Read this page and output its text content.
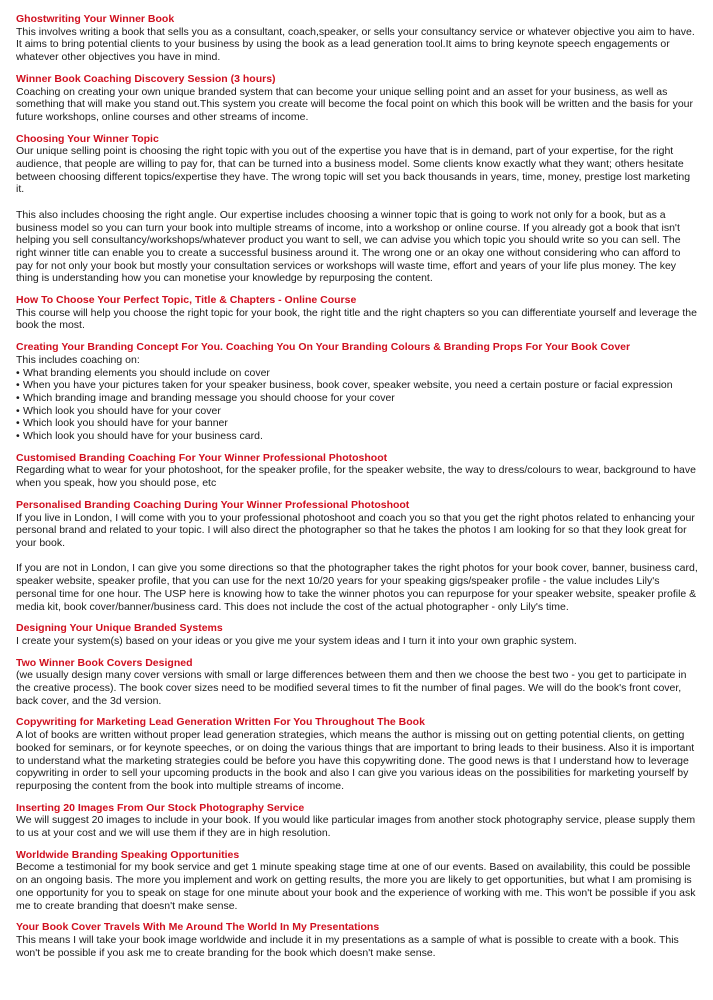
Ghostwriting Your Winner Book

This involves writing a book that sells you as a consultant, coach,speaker, or sells your consultancy service or whatever objective you aim to have. It aims to bring potential clients to your business by using the book as a lead generation tool.It aims to bring keynote speech engagements or whatever other objectives you have in mind.

Winner Book Coaching Discovery Session (3 hours)

Coaching on creating your own unique branded system that can become your unique selling point and an asset for your business, as well as something that will make you stand out.This system you create will become the focal point on which this book will be written and the basis for your future workshops, online courses and other streams of income.

Choosing Your Winner Topic

Our unique selling point is choosing the right topic with you out of the expertise you have that is in demand, part of your expertise, for the right audience, that people are willing to pay for, that can be turned into a business model. Some clients know exactly what they want; others hesitate between choosing different topics/expertise they have. The wrong topic will set you back thousands in years, time, money, prestige lost marketing it.

This also includes choosing the right angle. Our expertise includes choosing a winner topic that is going to work not only for a book, but as a business model so you can turn your book into multiple streams of income, into a workshop or online course. If you already got a book that isn't helping you sell consultancy/workshops/whatever product you want to sell, we can advise you which topic you should write so you can sell. The right winner title can enable you to create a successful business around it. The wrong one or an okay one without considering who can afford to pay for not only your book but mostly your consultation services or workshops will waste time, effort and years of your life plus money. The key thing is understanding how you can monetise your knowledge by repurposing the content.

How To Choose Your Perfect Topic, Title & Chapters - Online Course

This course will help you choose the right topic for your book, the right title and the right chapters so you can differentiate yourself and leverage the book the most.

Creating Your Branding Concept For You. Coaching You On Your Branding Colours & Branding Props For Your Book Cover

This includes coaching on:

• What branding elements you should include on cover
• When you have your pictures taken for your speaker business, book cover, speaker website, you need a certain posture or facial expression
• Which branding image and branding message you should choose for your cover
• Which look you should have for your cover
• Which look you should have for your banner
• Which look you should have for your business card.

Customised Branding Coaching For Your Winner Professional Photoshoot

Regarding what to wear for your photoshoot, for the speaker profile, for the speaker website, the way to dress/colours to wear, background to have when you speak, how you should pose, etc

Personalised Branding Coaching During Your Winner Professional Photoshoot

If you live in London, I will come with you to your professional photoshoot and coach you so that you get the right photos related to enhancing your personal brand and related to your topic. I will also direct the photographer so that he takes the photos I am looking for so that they look great for your book.

If you are not in London, I can give you some directions so that the photographer takes the right photos for your book cover, banner, business card, speaker website, speaker profile, that you can use for the next 10/20 years for your speaking gigs/speaker profile - the value includes Lily's personal time for one hour. The USP here is knowing how to take the winner photos you can repurpose for your speaker website, speaker profile & media kit, book cover/banner/business card. This does not include the cost of the actual photographer - only Lily's time.

Designing Your Unique Branded Systems

I create your system(s) based on your ideas or you give me your system ideas and I turn it into your own graphic system.

Two Winner Book Covers Designed

(we usually design many cover versions with small or large differences between them and then we choose the best two - you get to participate in the creative process). The book cover sizes need to be modified several times to fit the number of final pages. We will do the book's front cover, back cover, and the 3d version.

Copywriting for Marketing Lead Generation Written For You Throughout The Book

A lot of books are written without proper lead generation strategies, which means the author is missing out on getting potential clients, on getting booked for seminars, or for keynote speeches, or on doing the various things that are important to bring leads to their business. Also it is important to understand what the marketing strategies could be before you have this copywriting done. The good news is that I understand how to leverage copywriting in order to sell your upcoming products in the book and also I can give you various ideas on the possibilities for marketing yourself by repurposing the content from the book into multiple streams of income.

Inserting 20 Images From Our Stock Photography Service

We will suggest 20 images to include in your book. If you would like particular images from another stock photography service, please supply them to us at your cost and we will use them if they are in high resolution.

Worldwide Branding Speaking Opportunities

Become a testimonial for my book service and get 1 minute speaking stage time at one of our events. Based on availability, this could be possible on an ongoing basis. The more you implement and work on getting results, the more you are likely to get opportunities, but what I am promising is one opportunity for you to speak on stage for one minute about your book and the experience of working with me. This won't be possible if you ask me to create branding that doesn't make sense.

Your Book Cover Travels With Me Around The World In My Presentations

This means I will take your book image worldwide and include it in my presentations as a sample of what is possible to create with a book. This won't be possible if you ask me to create branding for the book which doesn't make sense.
